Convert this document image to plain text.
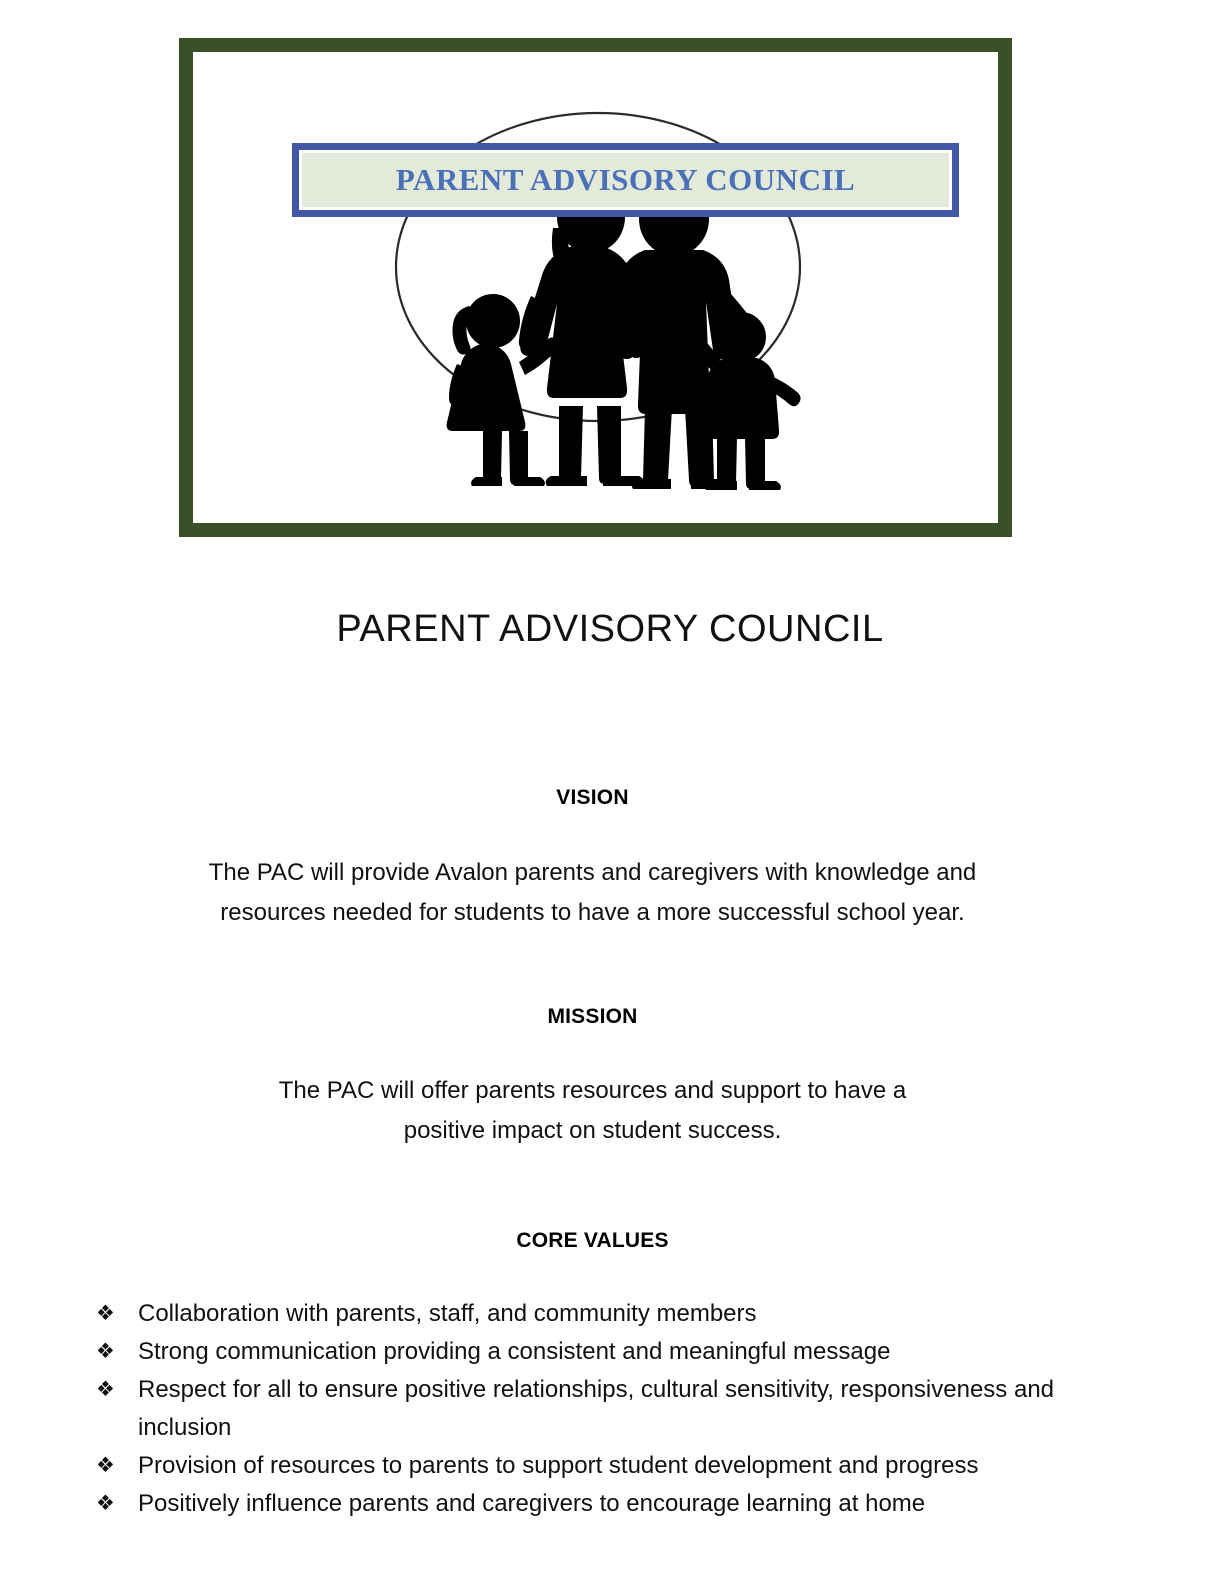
PARENT ADVISORY COUNCIL
PARENT ADVISORY COUNCIL
VISION
The PAC will provide Avalon parents and caregivers with knowledge and
resources needed for students to have a more successful school year.
MISSION
The PAC will offer parents resources and support to have a
positive impact on student success.
CORE VALUES
❖ Collaboration with parents, staff, and community members
❖ Strong communication providing a consistent and meaningful message
❖ Respect for all to ensure positive relationships, cultural sensitivity, responsiveness and inclusion
❖ Provision of resources to parents to support student development and progress
❖ Positively influence parents and caregivers to encourage learning at home
